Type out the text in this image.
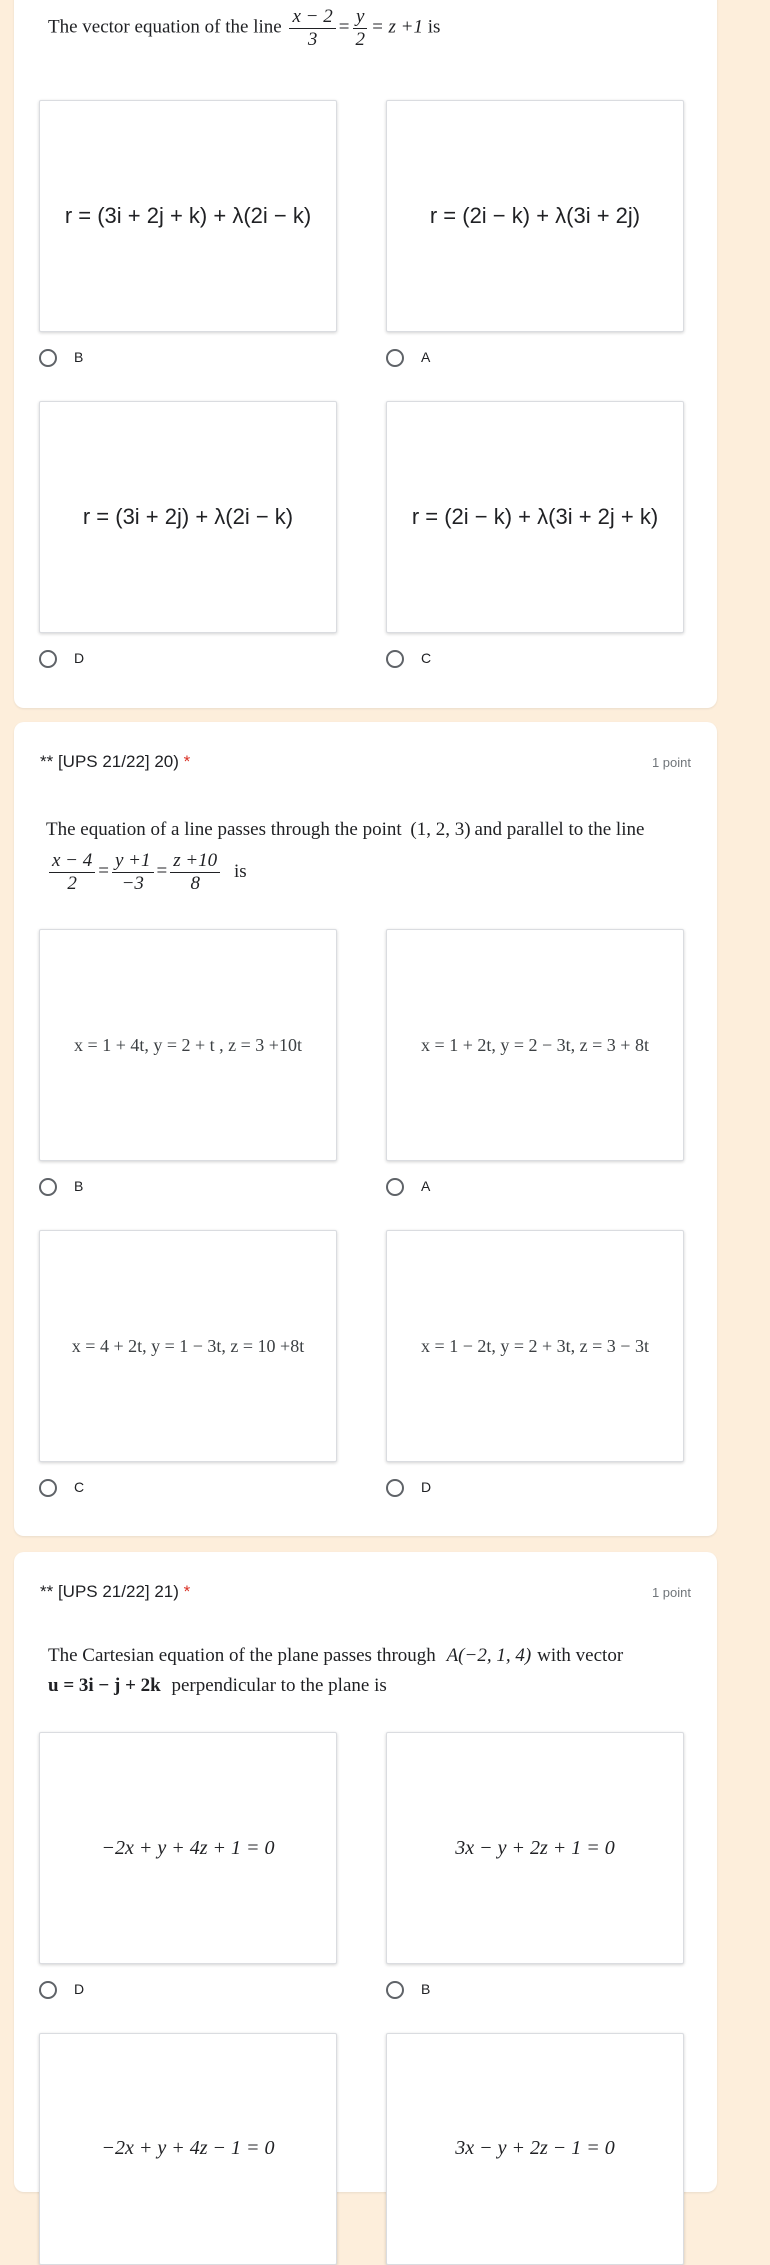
The vector equation of the line $\frac{x - 2}{3} = \frac{y}{2} = z +1$ is
r = (3i + 2j + k) + λ(2i − k)
B
r = (2i − k) + λ(3i + 2j)
A
r = (3i + 2j) + λ(2i − k)
D
r = (2i − k) + λ(3i + 2j + k)
C
** [UPS 21/22] 20) *	1 point
The equation of a line passes through the point (1, 2, 3) and parallel to the line
$\frac{x - 4}{2} = \frac{y +1}{-3} = \frac{z +10}{8}$ is
x = 1 + 4t, y = 2 + t , z = 3 +10t
B
x = 1 + 2t, y = 2 − 3t, z = 3 + 8t
A
x = 4 + 2t, y = 1 − 3t, z = 10 +8t
C
x = 1 − 2t, y = 2 + 3t, z = 3 − 3t
D
** [UPS 21/22] 21) *	1 point
The Cartesian equation of the plane passes through A(−2, 1, 4) with vector
u = 3i − j + 2k perpendicular to the plane is
−2x + y + 4z + 1 = 0
D
3x − y + 2z + 1 = 0
B
−2x + y + 4z − 1 = 0	3x − y + 2z − 1 = 0
